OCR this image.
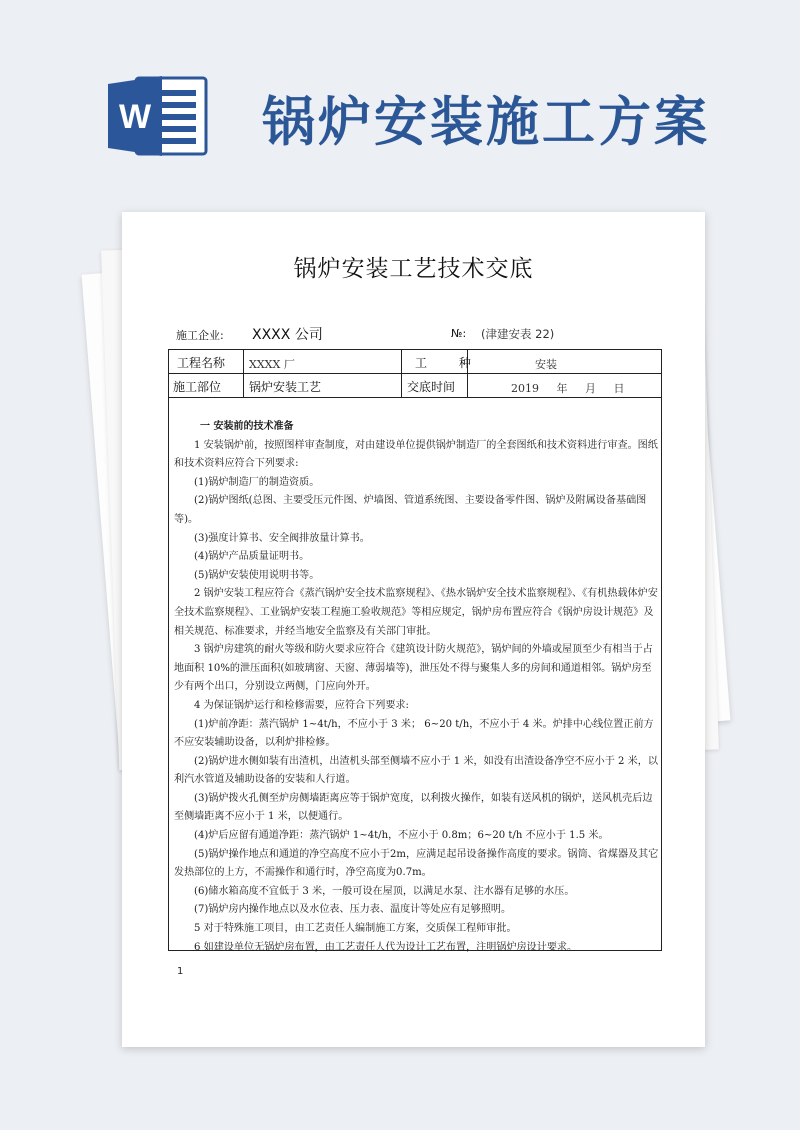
W 锅炉安装施工方案
锅炉安装工艺技术交底
施工企业: XXXX 公司	№: (津建安表 22)
工程名称 XXXX 厂	工 种	安装
施工部位 锅炉安装工艺	交底时间	2019 年 月 日

一 安装前的技术准备

1 安装锅炉前，按照图样审查制度，对由建设单位提供锅炉制造厂的全套图纸和技术资料进行审查。图纸和技术资料应符合下列要求:

(1)锅炉制造厂的制造资质。

(2)锅炉图纸(总图、主要受压元件图、炉墙图、管道系统图、主要设备零件图、锅炉及附属设备基础图等)。

(3)强度计算书、安全阀排放量计算书。

(4)锅炉产品质量证明书。

(5)锅炉安装使用说明书等。

2 锅炉安装工程应符合《蒸汽锅炉安全技术监察规程》、《热水锅炉安全技术监察规程》、《有机热载体炉安全技术监察规程》、工业锅炉安装工程施工验收规范》等相应规定，锅炉房布置应符合《锅炉房设计规范》及相关规范、标准要求，并经当地安全监察及有关部门审批。

3 锅炉房建筑的耐火等级和防火要求应符合《建筑设计防火规范》，锅炉间的外墙或屋顶至少有相当于占地面积 10%的泄压面积(如玻璃窗、天窗、薄弱墙等)，泄压处不得与聚集人多的房间和通道相邻。锅炉房至少有两个出口，分别设立两侧，门应向外开。

4 为保证锅炉运行和检修需要，应符合下列要求:

(1)炉前净距：蒸汽锅炉 1~4t/h，不应小于 3 米； 6~20 t/h，不应小于 4 米。炉排中心线位置正前方不应安装辅助设备，以利炉排检修。

(2)锅炉进水侧如装有出渣机，出渣机头部至侧墙不应小于 1 米，如没有出渣设备净空不应小于 2 米，以利汽水管道及辅助设备的安装和人行道。

(3)锅炉拨火孔侧至炉房侧墙距离应等于锅炉宽度，以利拨火操作，如装有送风机的锅炉，送风机壳后边至侧墙距离不应小于 1 米，以便通行。

(4)炉后应留有通道净距：蒸汽锅炉 1~4t/h，不应小于 0.8m；6~20 t/h 不应小于 1.5 米。

(5)锅炉操作地点和通道的净空高度不应小于2m，应满足起吊设备操作高度的要求。锅筒、省煤器及其它发热部位的上方，不需操作和通行时，净空高度为0.7m。

(6)储水箱高度不宜低于 3 米，一般可设在屋顶，以满足水泵、注水器有足够的水压。

(7)锅炉房内操作地点以及水位表、压力表、温度计等处应有足够照明。

5 对于特殊施工项目，由工艺责任人编制施工方案，交质保工程师审批。

6 如建设单位无锅炉房布置，由工艺责任人代为设计工艺布置，注明锅炉房设计要求。

1
